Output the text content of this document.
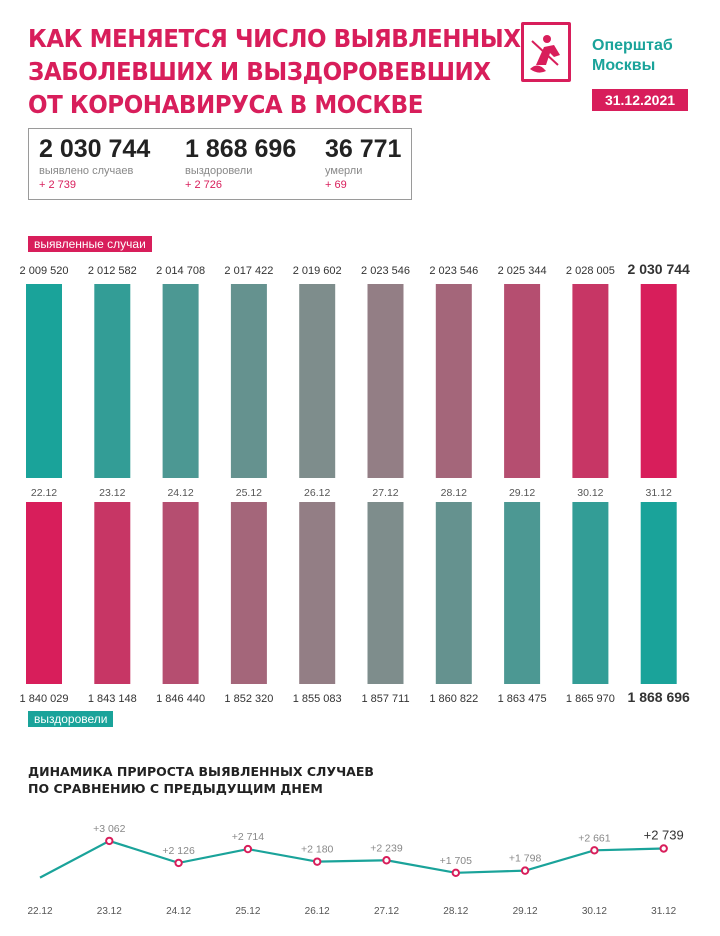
КАК МЕНЯЕТСЯ ЧИСЛО ВЫЯВЛЕННЫХ
ЗАБОЛЕВШИХ И ВЫЗДОРОВЕВШИХ
ОТ КОРОНАВИРУСА В МОСКВЕ
Оперштаб
Москвы
31.12.2021
2 030 744
выявлено случаев
+ 2 739
1 868 696
выздоровели
+ 2 726
36 771
умерли
+ 69
выявленные случаи
2 009 520
22.12
2 012 582
23.12
2 014 708
24.12
2 017 422
25.12
2 019 602
26.12
2 023 546
27.12
2 023 546
28.12
2 025 344
29.12
2 028 005
30.12
2 030 744
31.12
1 840 029 1 843 148 1 846 440 1 852 320 1 855 083 1 857 711 1 860 822 1 863 475 1 865 970 1 868 696
выздоровели
ДИНАМИКА ПРИРОСТА ВЫЯВЛЕННЫХ СЛУЧАЕВ
ПО СРАВНЕНИЮ С ПРЕДЫДУЩИМ ДНЕМ
22.12
+3 062
23.12
+2 126
24.12
+2 714
25.12
+2 180
26.12
+2 239
27.12
+1 705
28.12
+1 798
29.12
+2 661
30.12
+2 739
31.12
